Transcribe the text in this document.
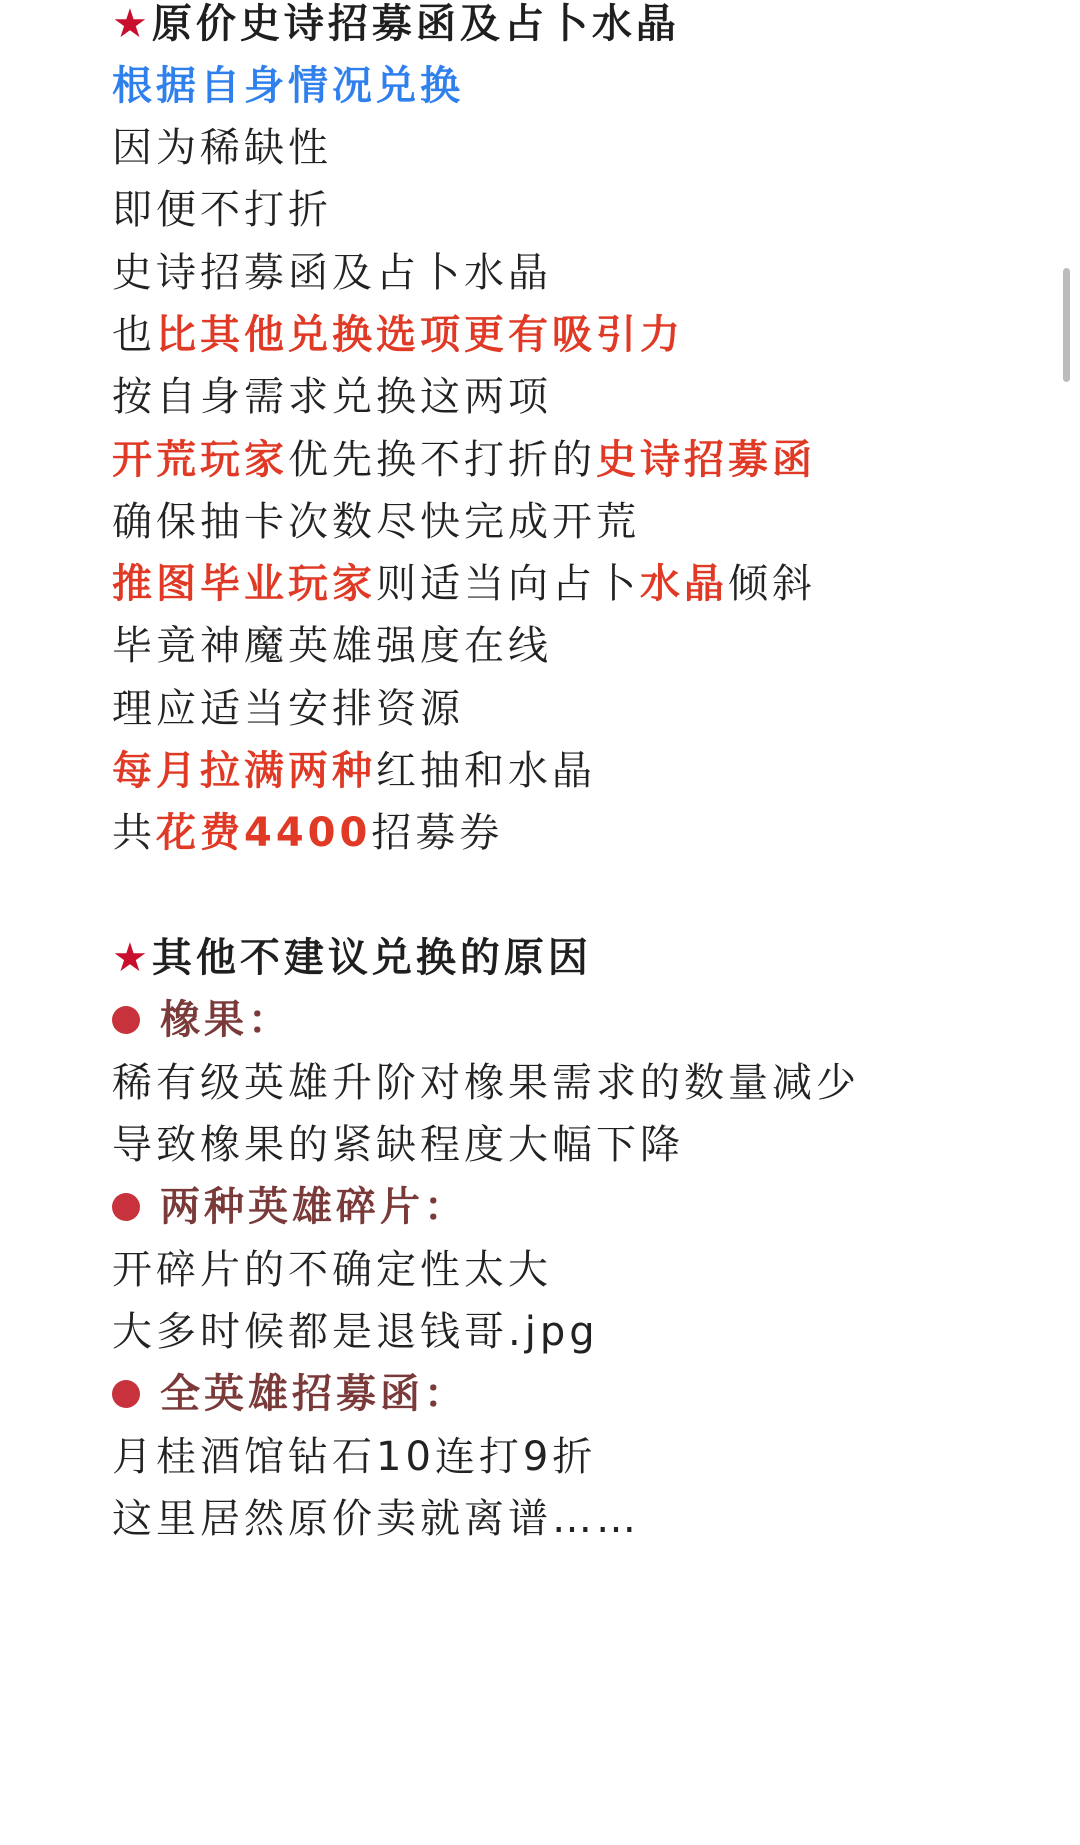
★原价史诗招募函及占卜水晶
根据自身情况兑换
因为稀缺性
即便不打折
史诗招募函及占卜水晶
也比其他兑换选项更有吸引力
按自身需求兑换这两项
开荒玩家优先换不打折的史诗招募函
确保抽卡次数尽快完成开荒
推图毕业玩家则适当向占卜水晶倾斜
毕竟神魔英雄强度在线
理应适当安排资源
每月拉满两种红抽和水晶
共花费4400招募券
★其他不建议兑换的原因
橡果：
稀有级英雄升阶对橡果需求的数量减少
导致橡果的紧缺程度大幅下降
两种英雄碎片：
开碎片的不确定性太大
大多时候都是退钱哥.jpg
全英雄招募函：
月桂酒馆钻石10连打9折
这里居然原价卖就离谱……
